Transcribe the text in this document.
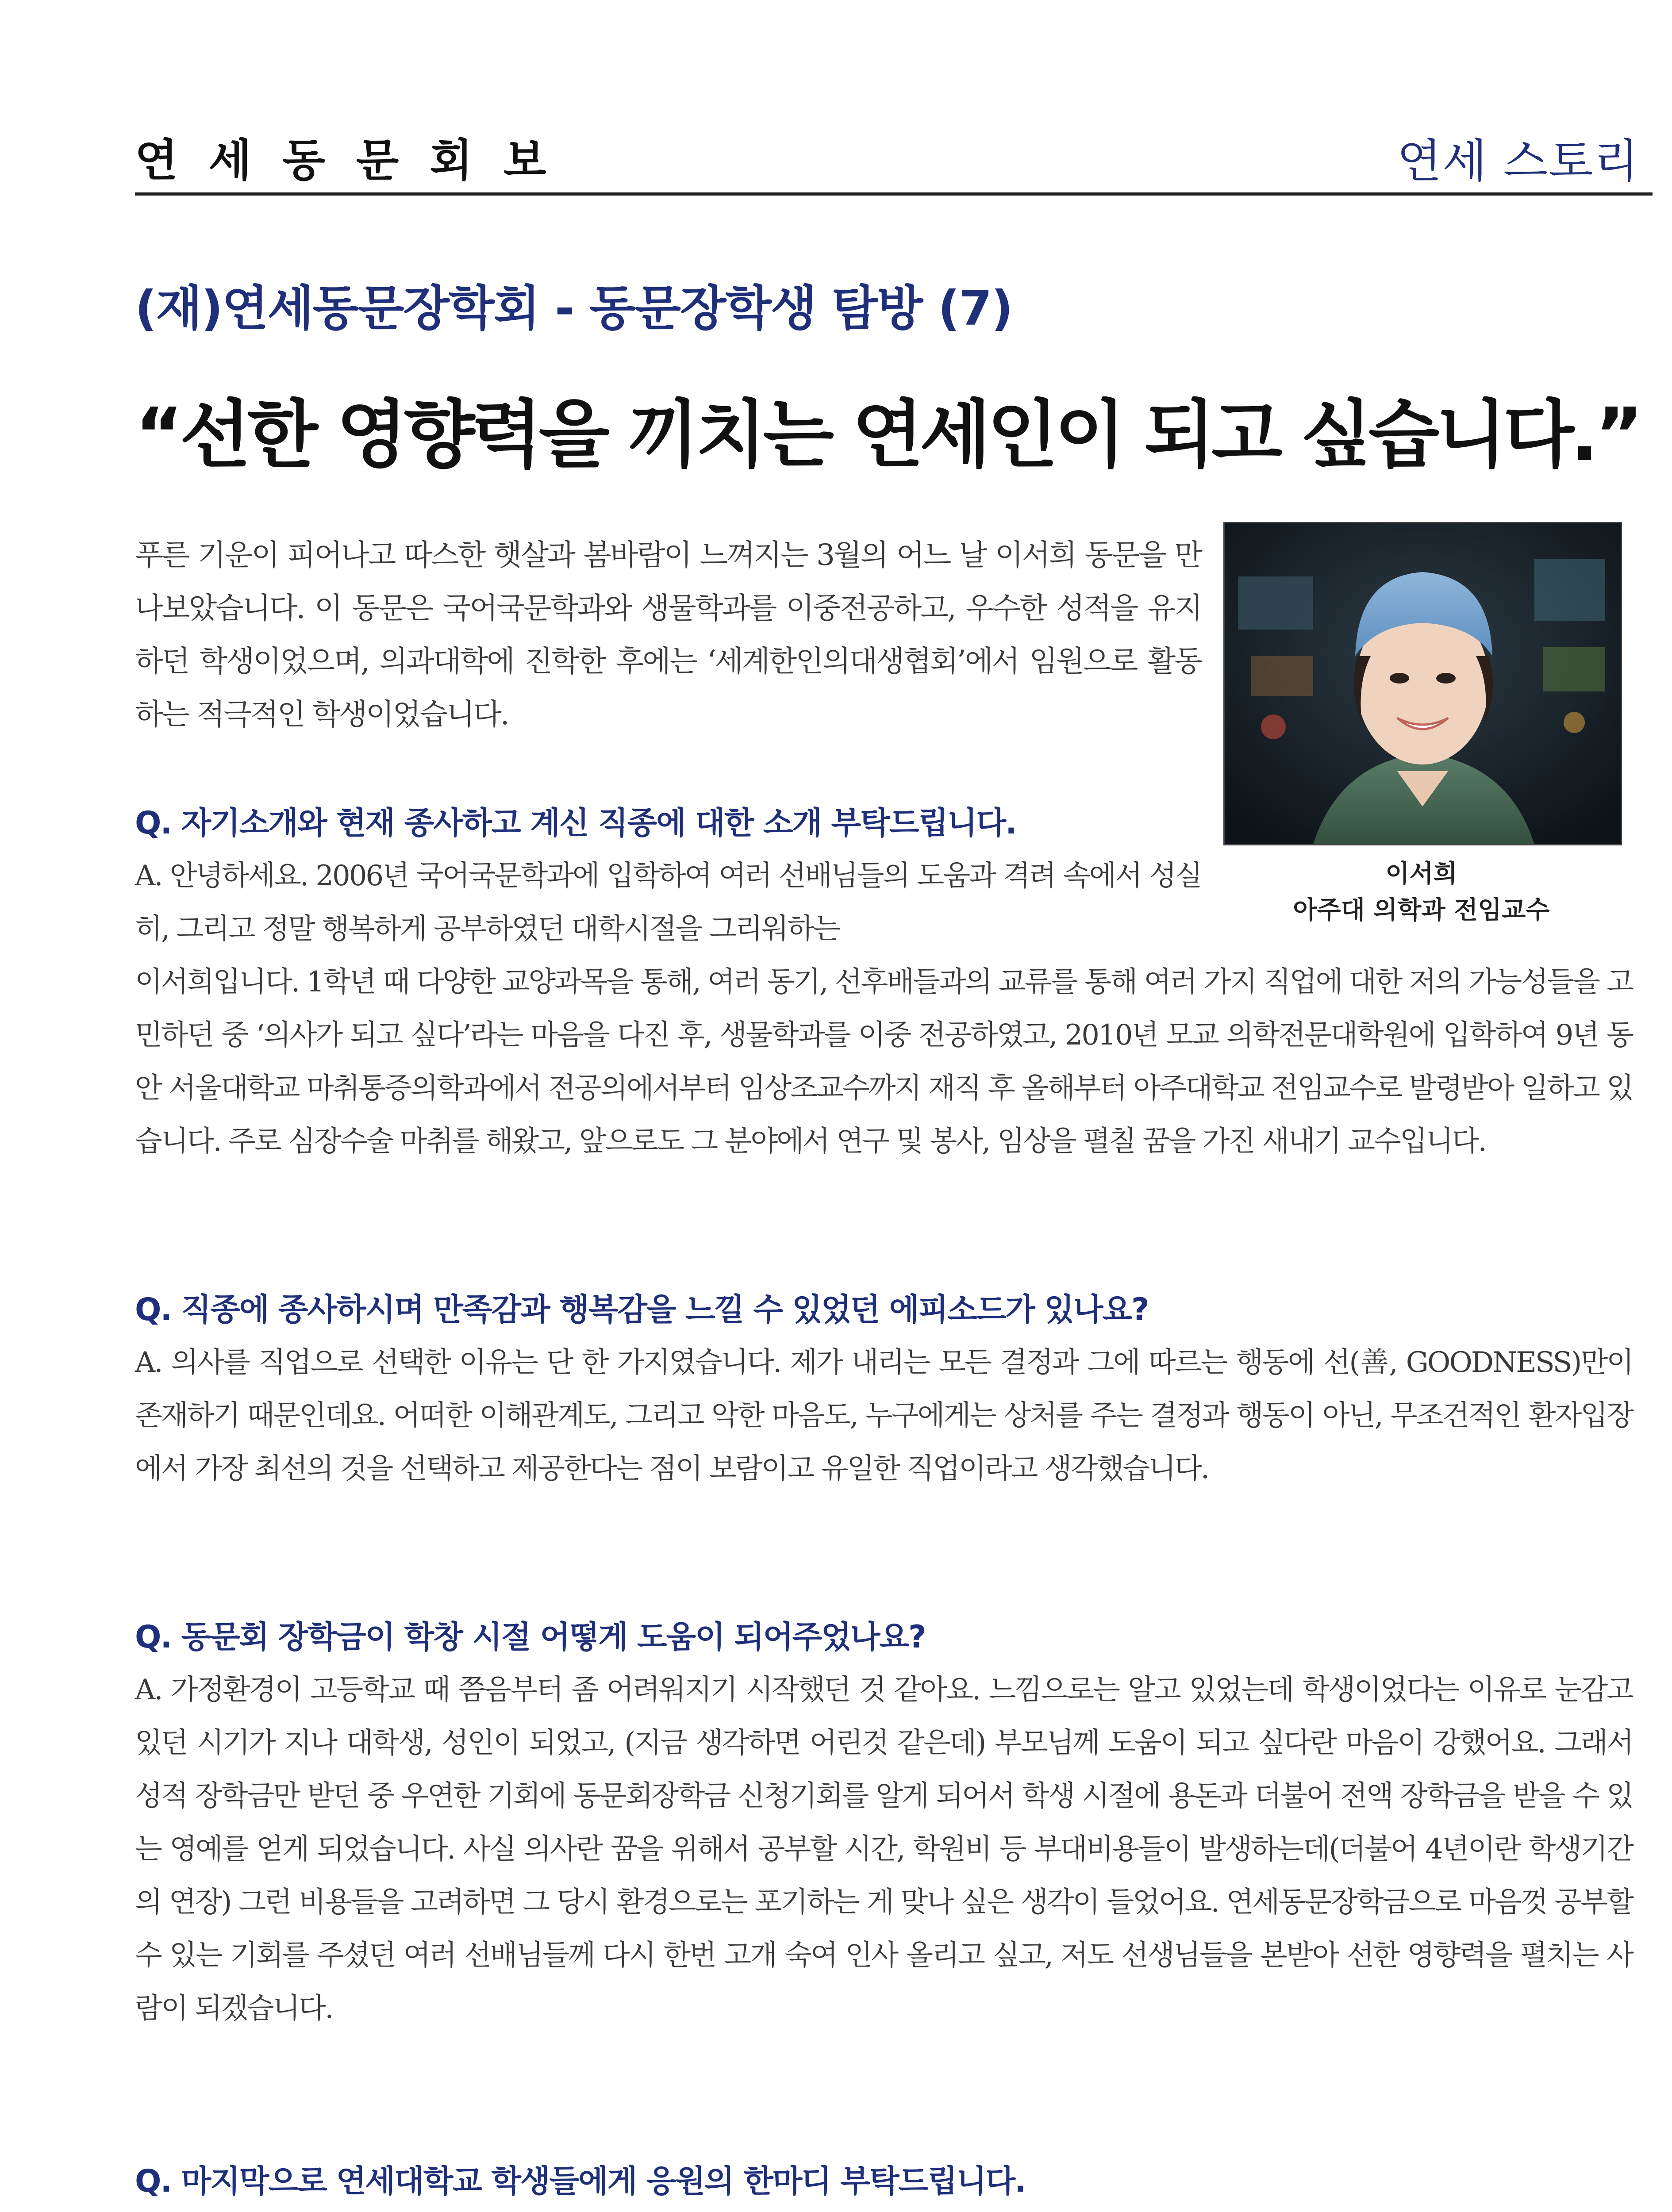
연세동문회보	연세 스토리
(재)연세동문장학회 - 동문장학생 탐방 (7)
“선한 영향력을 끼치는 연세인이 되고 싶습니다.”

푸른 기운이 피어나고 따스한 햇살과 봄바람이 느껴지는 3월의 어느 날 이서희 동문을 만나보았습니다. 이 동문은 국어국문학과와 생물학과를 이중전공하고, 우수한 성적을 유지하던 학생이었으며, 의과대학에 진학한 후에는 ‘세계한인의대생협회’에서 임원으로 활동하는 적극적인 학생이었습니다.

이서희
아주대 의학과 전임교수

Q. 자기소개와 현재 종사하고 계신 직종에 대한 소개 부탁드립니다.

A. 안녕하세요. 2006년 국어국문학과에 입학하여 여러 선배님들의 도움과 격려 속에서 성실히, 그리고 정말 행복하게 공부하였던 대학시절을 그리워하는

이서희입니다. 1학년 때 다양한 교양과목을 통해, 여러 동기, 선후배들과의 교류를 통해 여러 가지 직업에 대한 저의 가능성들을 고민하던 중 ‘의사가 되고 싶다’라는 마음을 다진 후, 생물학과를 이중 전공하였고, 2010년 모교 의학전문대학원에 입학하여 9년 동안 서울대학교 마취통증의학과에서 전공의에서부터 임상조교수까지 재직 후 올해부터 아주대학교 전임교수로 발령받아 일하고 있습니다. 주로 심장수술 마취를 해왔고, 앞으로도 그 분야에서 연구 및 봉사, 임상을 펼칠 꿈을 가진 새내기 교수입니다.

Q. 직종에 종사하시며 만족감과 행복감을 느낄 수 있었던 에피소드가 있나요?

A. 의사를 직업으로 선택한 이유는 단 한 가지였습니다. 제가 내리는 모든 결정과 그에 따르는 행동에 선(善, GOODNESS)만이 존재하기 때문인데요. 어떠한 이해관계도, 그리고 악한 마음도, 누구에게는 상처를 주는 결정과 행동이 아닌, 무조건적인 환자입장에서 가장 최선의 것을 선택하고 제공한다는 점이 보람이고 유일한 직업이라고 생각했습니다.

Q. 동문회 장학금이 학창 시절 어떻게 도움이 되어주었나요?

A. 가정환경이 고등학교 때 쯤음부터 좀 어려워지기 시작했던 것 같아요. 느낌으로는 알고 있었는데 학생이었다는 이유로 눈감고 있던 시기가 지나 대학생, 성인이 되었고, (지금 생각하면 어린것 같은데) 부모님께 도움이 되고 싶다란 마음이 강했어요. 그래서 성적 장학금만 받던 중 우연한 기회에 동문회장학금 신청기회를 알게 되어서 학생 시절에 용돈과 더불어 전액 장학금을 받을 수 있는 영예를 얻게 되었습니다. 사실 의사란 꿈을 위해서 공부할 시간, 학원비 등 부대비용들이 발생하는데(더불어 4년이란 학생기간의 연장) 그런 비용들을 고려하면 그 당시 환경으로는 포기하는 게 맞나 싶은 생각이 들었어요. 연세동문장학금으로 마음껏 공부할 수 있는 기회를 주셨던 여러 선배님들께 다시 한번 고개 숙여 인사 올리고 싶고, 저도 선생님들을 본받아 선한 영향력을 펼치는 사람이 되겠습니다.

Q. 마지막으로 연세대학교 학생들에게 응원의 한마디 부탁드립니다.
